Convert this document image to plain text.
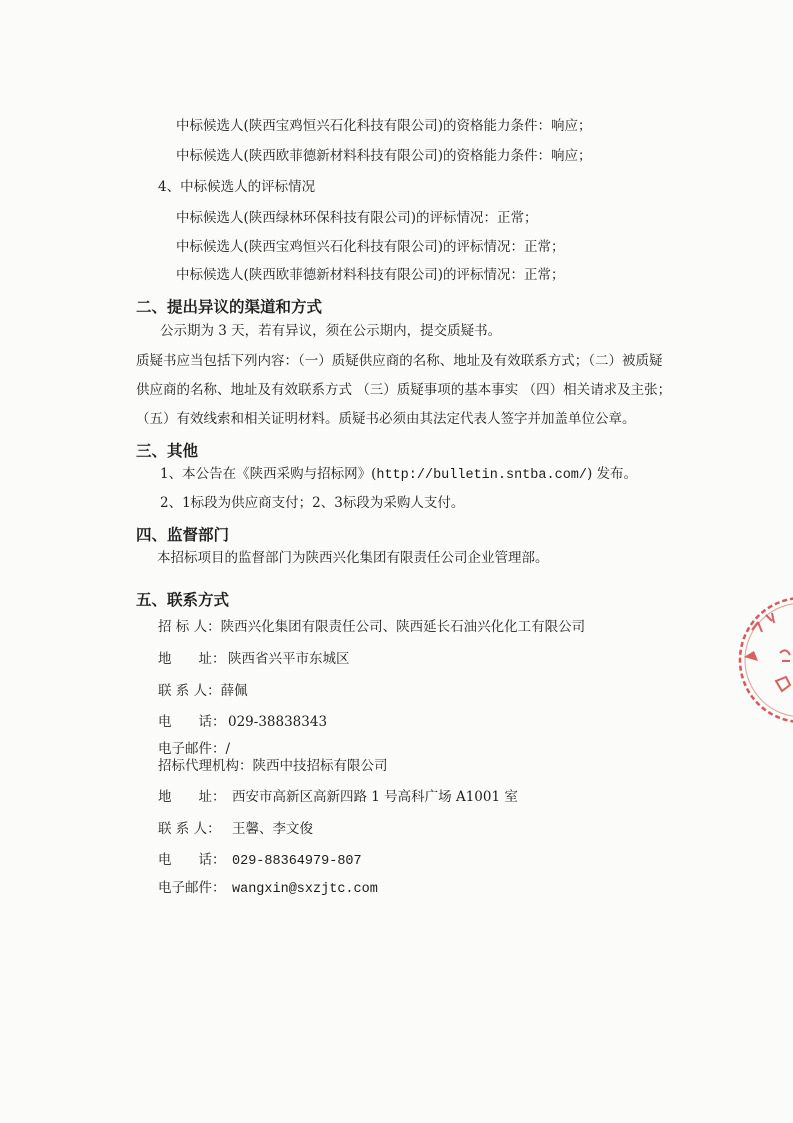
中标候选人(陕西宝鸡恒兴石化科技有限公司)的资格能力条件：响应；
中标候选人(陕西欧菲德新材料科技有限公司)的资格能力条件：响应；
4、中标候选人的评标情况
中标候选人(陕西绿林环保科技有限公司)的评标情况：正常；
中标候选人(陕西宝鸡恒兴石化科技有限公司)的评标情况：正常；
中标候选人(陕西欧菲德新材料科技有限公司)的评标情况：正常；
二、提出异议的渠道和方式
公示期为 3 天，若有异议，须在公示期内，提交质疑书。
质疑书应当包括下列内容：（一）质疑供应商的名称、地址及有效联系方式；（二）被质疑
供应商的名称、地址及有效联系方式 （三）质疑事项的基本事实 （四）相关请求及主张；
（五）有效线索和相关证明材料。质疑书必须由其法定代表人签字并加盖单位公章。
三、其他
1、本公告在《陕西采购与招标网》(http://bulletin.sntba.com/) 发布。
2、1标段为供应商支付；2、3标段为采购人支付。
四、监督部门
本招标项目的监督部门为陕西兴化集团有限责任公司企业管理部。
五、联系方式
招 标 人：陕西兴化集团有限责任公司、陕西延长石油兴化化工有限公司
地　　址： 陕西省兴平市东城区
联 系 人：薛佩
电　　话： 029-38838343
电子邮件：/
招标代理机构：陕西中技招标有限公司
地　　址： 西安市高新区高新四路 1 号高科广场 A1001 室
联 系 人： 王馨、李文俊
电　　话： 029-88364979-807
电子邮件： wangxin@sxzjtc.com
